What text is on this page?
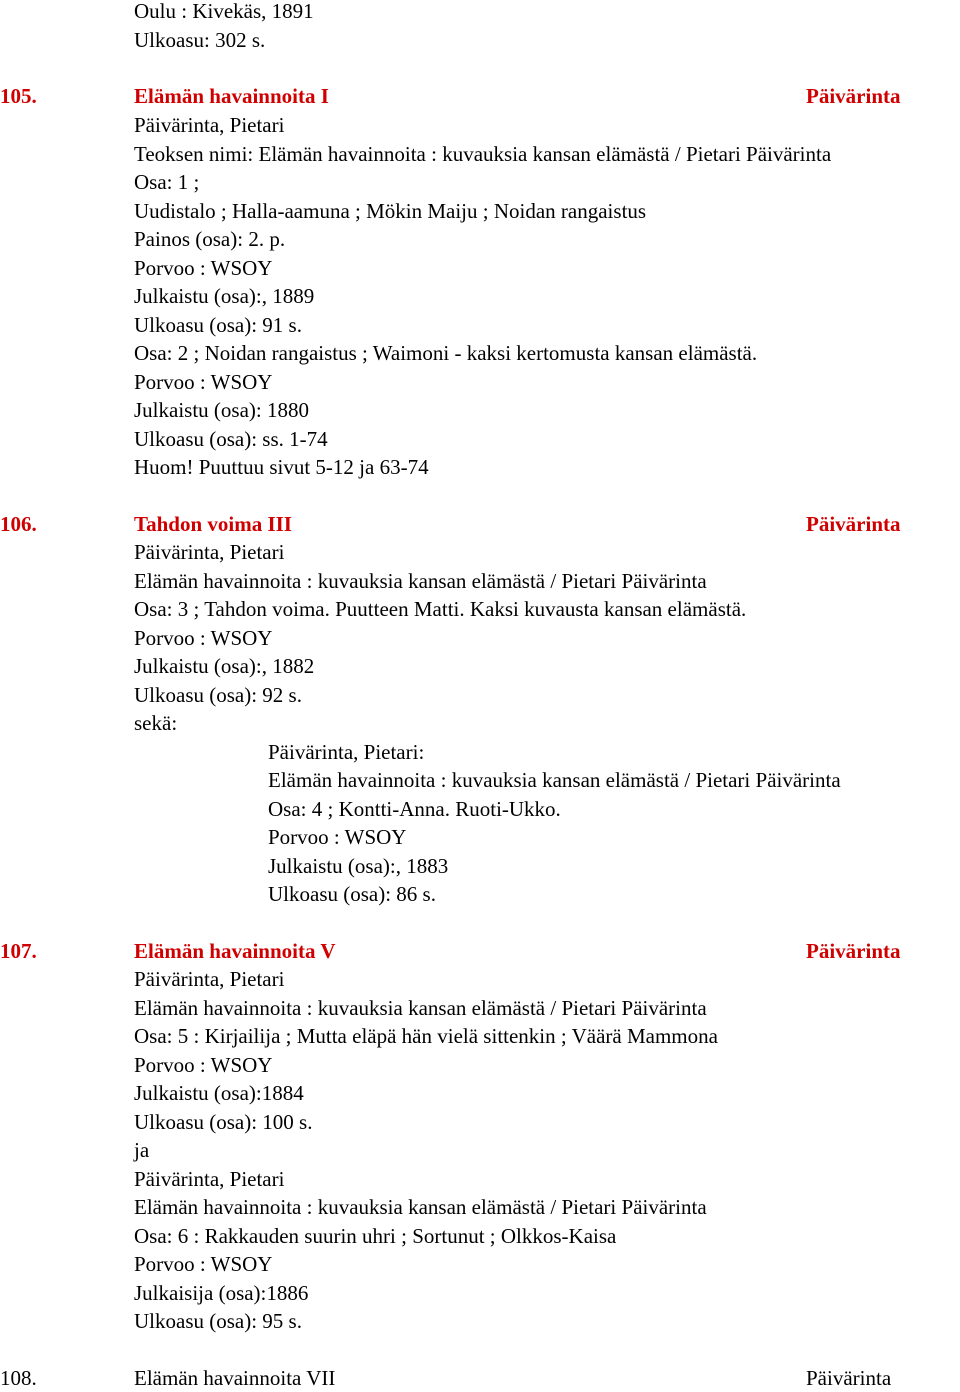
Oulu : Kivekäs, 1891
Ulkoasu: 302 s.
105.	Elämän havainnoita I	Päivärinta
Päivärinta, Pietari
Teoksen nimi: Elämän havainnoita : kuvauksia kansan elämästä / Pietari Päivärinta
Osa: 1 ;
Uudistalo ; Halla-aamuna ; Mökin Maiju ; Noidan rangaistus
Painos (osa): 2. p.
Porvoo : WSOY
Julkaistu (osa):, 1889
Ulkoasu (osa): 91 s.
Osa: 2 ; Noidan rangaistus ; Waimoni - kaksi kertomusta kansan elämästä.
Porvoo : WSOY
Julkaistu (osa): 1880
Ulkoasu (osa): ss. 1-74
Huom! Puuttuu sivut 5-12 ja 63-74
106.	Tahdon voima III	Päivärinta
Päivärinta, Pietari
Elämän havainnoita : kuvauksia kansan elämästä / Pietari Päivärinta
Osa: 3 ; Tahdon voima. Puutteen Matti. Kaksi kuvausta kansan elämästä.
Porvoo : WSOY
Julkaistu (osa):, 1882
Ulkoasu (osa): 92 s.
sekä:
Päivärinta, Pietari:
Elämän havainnoita : kuvauksia kansan elämästä / Pietari Päivärinta
Osa: 4 ; Kontti-Anna. Ruoti-Ukko.
Porvoo : WSOY
Julkaistu (osa):, 1883
Ulkoasu (osa): 86 s.
107.	Elämän havainnoita V	Päivärinta
Päivärinta, Pietari
Elämän havainnoita : kuvauksia kansan elämästä / Pietari Päivärinta
Osa: 5 : Kirjailija ; Mutta eläpä hän vielä sittenkin ; Väärä Mammona
Porvoo : WSOY
Julkaistu (osa):1884
Ulkoasu (osa): 100 s.
ja
Päivärinta, Pietari
Elämän havainnoita : kuvauksia kansan elämästä / Pietari Päivärinta
Osa: 6 : Rakkauden suurin uhri ; Sortunut ; Olkkos-Kaisa
Porvoo : WSOY
Julkaisija (osa):1886
Ulkoasu (osa): 95 s.
108.	Elämän havainnoita VII	Päivärinta
